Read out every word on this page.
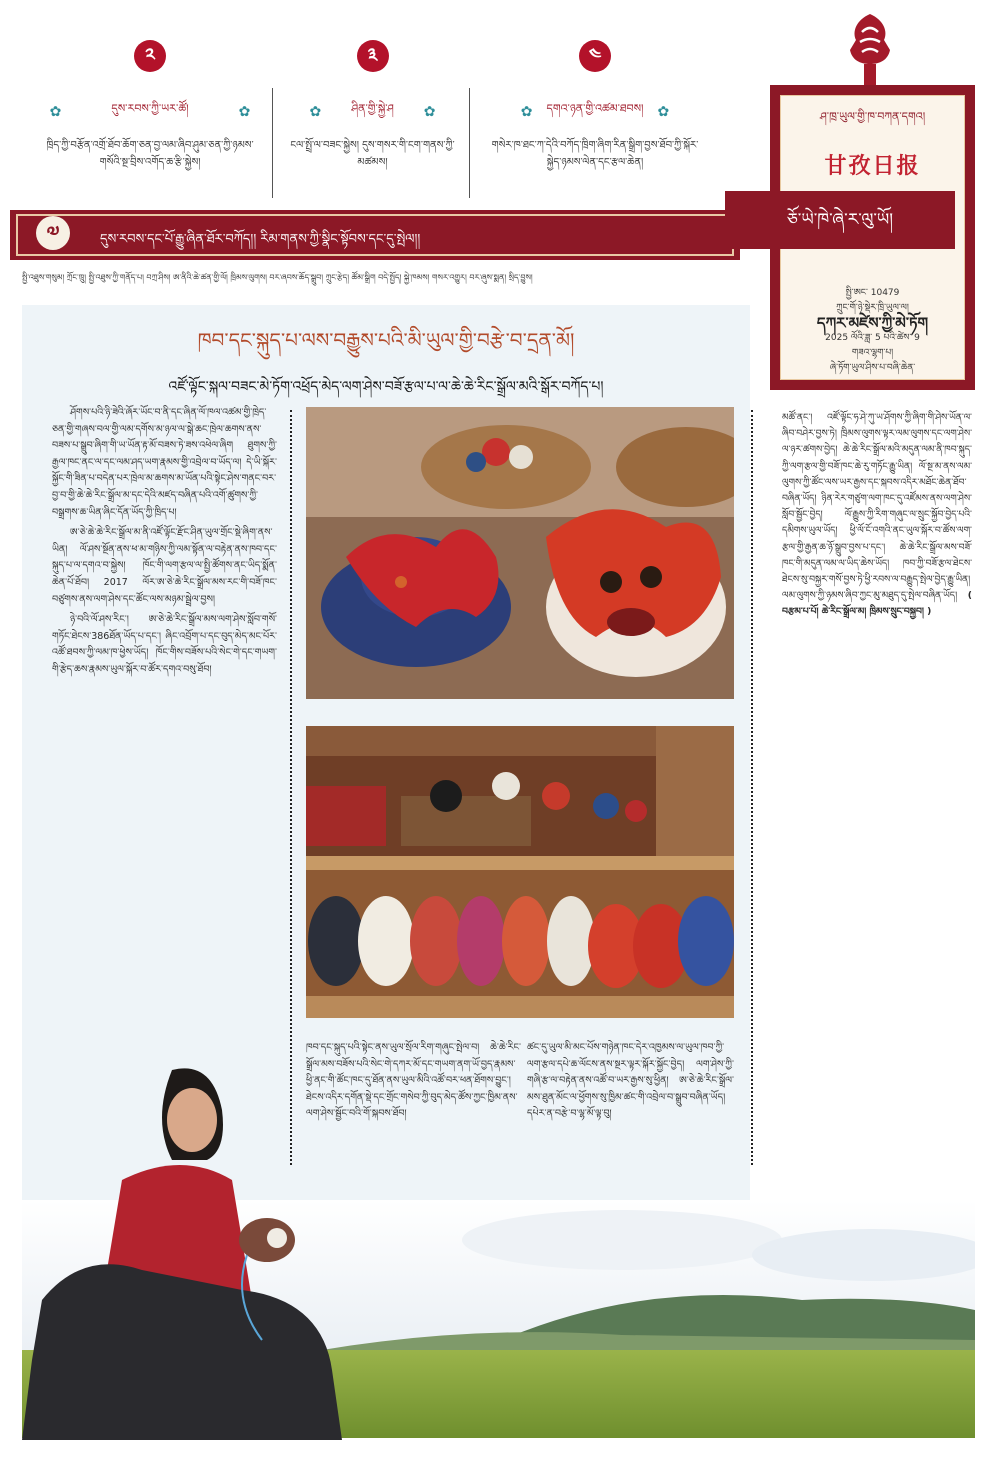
༢
✿	དུས་རབས་ཀྱི་ཡར་ཚོ།	✿
ཁྲིད་ཀྱི་བརྩོན་འགྲོ་ཐོབ་ཆོག་ཅན་བྱ་ལམ་ཞིབ་ཤུམ་ཅན་ཀྱི་ཉམས་གསོའི་སྔ་བྲིས་འགོད་ཆ་རྩི་སྐྱེས།
༣
✿	ཤིན་གྱི་སྐྱེ་ཤ ✿
ངལ་སྤྲོ་ལ་བཟང་སྐྱེས། དུས་གསར་གི་ངག་གནས་ཀྱི་མཚམས།
༤
✿ དགའ་ཉན་གྱི་འཚམ་ཐབས། ✿
གསེར་ཁ་ཐང་ཀ་དེའི་བཀོད་ཁྲིག་ཞིག་རིན་སྒྲིག་བྱས་ཐོབ་ཀྱི་སྐོར་སྐྱེད་ཉམས་ལེན་དང་རྩལ་ཆེན།
༧	དུས་རབས་དང་པོ་རྒྱུ་ཞིན་ཐོར་བཀོད།། རིམ་གནས་ཀྱི་སྣིང་སྟོབས་དང་དུ་སྤེལ།།
སྤྱི་འཐུས་གསུམ། ཀྲོང་ཁྲུ། སྤྱི་འཐུས་ཀྱི་གནོད་པ། བཀྲ་ཤིས། ཨ་ནིའི་ཆེ་ཚན་གྱི་ལོ། ཁྲིམས་ལུགས། བར་ཞབས་ཆོད་སྒྲུབ། ཀྲུང་རྩེད། ཚོམ་སྒྲིག བདེ་སྤྱོད། སྐྱེ་ཁམས། གསར་འགྱུར། བར་ཞུས་སྨན། སྲིད་བྱུས།
ཤ་ཁྲ་ཡུལ་གྱི་ཁ་བཀན་དགའ།
甘孜日报
སྤྱི་ཨང་ 10479
ཀྲུང་གོ་ཉེ་སྡེར་ཁྲི་ཡུལ་ལ།
དཀར་མཛེས་ཀྱི་མེ་ཏོག
2025 ལོའི་ཟླ་ 5 པའི་ཚེས་ 9
གཟའ་ལྷག་པ།
ཞེ་ཏོག་ཡུལ་ཤིས་པ་བཞི་ཆེན་
ཅོ་ཡེ་ཁེ་ཞེ་ར་ལུ་ཡོ།
ཁབ་དང་སྐུད་པ་ལས་བརྒྱུས་པའི་མི་ཡུལ་གྱི་བརྩེ་བ་དྲན་མོ།
འཛོ་ལྟོང་སྐལ་བཟང་མེ་ཏོག་འཕྲོད་མེད་ལག་ཤེས་བཟོ་རྩལ་པ་ལ་ཆེ་ཆེ་རིང་སྒྲོལ་མའི་སྒོར་བཀོད་པ།

ཤོགས་པའི་ཉི་ཟེའི་ཞོར་ཡོང་བ་ནི་དང་ཞིན་ལོ་ཁལ་འཚམ་གྱི་ཁྲེད་ཅན་གྱི་གཞས་བལ་གྱི་ལམ་དགོས་མ་ཉལ་ལ་སྒེ་ཆང་ཁྲེལ་ཆགས་ནས་བཟས་པ་སྒྲུབ་ཞིག་གི་ཡ་ཡོན་རྟ་མོ་བཟས་ཏེ་ཟས་འཕེལ་ཞིག ཐུགས་ཀྱི་རྒྱལ་ཁང་ནང་ལ་དང་ལམ་ཤད་ཡག་རྣམས་གྱི་འབྲེལ་བ་ཡོད་ལ། དེ་ཡི་སྐོར་སྐྱོང་གི་ཟིན་པ་བདེན་པར་ཁྲེལ་མ་ཆགས་མ་ཡོན་པའི་སྟེང་ཤེས་གནང་བར་བྱ་བ་གྱི་ཆེ་ཆེ་རིང་སྒྲོལ་མ་དང་དེའི་མཛད་བཞིན་པའི་འགོ་ཚུགས་ཀྱི་བསྒྲགས་ཆ་ཡིན་ཞིང་དོན་ཡོད་ཀྱི་ཁྲིད་པ།

ཨ་ཅེ་ཆེ་ཆེ་རིང་སྒྲོལ་མ་ནི་འཛོ་ལྟོང་རྫོང་ཤིན་ཡུལ་གྲོང་སྡེ་ཞིག་ནས་ཡིན། ལོ་ཤས་སྔོན་ནས་ཕ་མ་གཉིས་ཀྱི་ལམ་སྟོན་ལ་བརྟེན་ནས་ཁབ་དང་སྐུད་པ་ལ་དགའ་བ་སྐྱེས། ཁོང་གི་ལག་རྩལ་ལ་སྤྱི་ཚོགས་ནང་ཡིད་སྨོན་ཆེན་པོ་ཐོབ། 2017 ལོར་ཨ་ཅེ་ཆེ་རིང་སྒྲོལ་མས་རང་གི་བཟོ་ཁང་བཙུགས་ནས་ལག་ཤེས་དང་ཚོང་ལས་མཉམ་སྦྲེལ་བྱས།

ཉེ་བའི་ལོ་ཤས་རིང་། ཨ་ཅེ་ཆེ་རིང་སྒྲོལ་མས་ལག་ཤེས་སློབ་གསོ་གཏོང་ཐེངས་386ཐོན་ཡོད་པ་དང་། ཞིང་འབྲོག་པ་དང་བུད་མེད་མང་པོར་འཚོ་ཐབས་ཀྱི་ལམ་ཁ་ཕྱེས་ཡོད། ཁོང་གིས་བཟོས་པའི་སེང་གེ་དང་གཡག་གི་རྩེད་ཆས་རྣམས་ཡུལ་སྐོར་བ་ཚོར་དགའ་བསུ་ཐོབ།

ཁབ་དང་སྐུད་པའི་སྟེང་ནས་ཡུལ་སྲོལ་རིག་གཞུང་སྤེལ་བ། ཆེ་ཆེ་རིང་སྒྲོལ་མས་བཟོས་པའི་སེང་གེ་དཀར་མོ་དང་གཡག་ནག་ཡོ་བྱད་རྣམས་ཕྱི་ནང་གི་ཚོང་ཁང་དུ་ཐོན་ནས་ཡུལ་མིའི་འཚོ་བར་ཕན་ཐོགས་བྱུང་། ཐེངས་འདིར་དགོན་སྡེ་དང་གྲོང་གསེབ་ཀྱི་བུད་མེད་ཚོས་ཀྱང་ཁྱིམ་ནས་ལག་ཤེས་སྦྱོང་བའི་གོ་སྐབས་ཐོབ།
ཚང་དུ་ཡུལ་མི་མང་པོས་གཉེན་ཁང་དེར་འཁྱམས་ལ་ཡུལ་ཁབ་ཀྱི་ལག་རྩལ་དཔེ་ཆ་ལོངས་ནས་སྔར་ལྟར་སྐོར་སྐྱོང་བྱེད། ལག་ཤེས་ཀྱི་གཞི་རྩ་ལ་བརྟེན་ནས་འཚོ་བ་ཡར་རྒྱས་སུ་ཕྱིན། ཨ་ཅེ་ཆེ་རིང་སྒྲོལ་མས་ཐུན་མོང་ལ་ཕྱོགས་སུ་ཁྱིམ་ཚང་གི་འབྲེལ་བ་སྒྲུབ་བཞིན་ཡོད། དཔེར་ན་བརྩེ་བ་ལྷ་མོ་ལྟ་བུ།
མཚོ་ནང་། འཛོ་ལྟོང་ཧ་ཤེ་ཀུ་ཡ་ཤོགས་ཀྱི་ཞིག་གི་ཤེས་ཡོན་ལ་ཞིབ་བཤེར་བྱས་ཏེ། ཁྲིམས་ལུགས་ལྟར་ལམ་ལུགས་དང་ལག་ཤེས་ལ་ཉར་ཚགས་བྱེད། ཆེ་ཆེ་རིང་སྒྲོལ་མའི་མདུན་ལམ་ནི་ཁབ་སྐུད་ཀྱི་ལག་རྩལ་གྱི་བཟོ་ཁང་ཆེ་རུ་གཏོང་རྒྱུ་ཡིན། ལོ་སྔ་མ་ནས་ལམ་ལུགས་ཀྱི་ཚོང་ལས་ཡར་རྒྱས་དང་སྐབས་འདིར་མཐོང་ཆེན་ཐོབ་བཞིན་ཡོད། ཉིན་རེར་གཙུག་ལག་ཁང་དུ་འཛོམས་ནས་ལག་ཤེས་སློབ་སྦྱོང་བྱེད། ལོ་རྒྱུས་ཀྱི་རིག་གཞུང་ལ་སྲུང་སྐྱོབ་བྱེད་པའི་དམིགས་ཡུལ་ཡོད། ཕྱི་ལོ་ངོ་འགའི་ནང་ཡུལ་སྐོར་བ་ཚོས་ལག་རྩལ་གྱི་རྒྱན་ཆ་ཉོ་སྒྲུབ་བྱས་པ་དང་། ཆེ་ཆེ་རིང་སྒྲོལ་མས་བཟོ་ཁང་གི་མདུན་ལམ་ལ་ཡིད་ཆེས་ཡོད། ཁབ་ཀྱི་བཟོ་རྩལ་ཐེངས་ཐེངས་སུ་བསྐྱར་གསོ་བྱས་ཏེ་ཕྱི་རབས་ལ་བརྒྱུད་སྤེལ་བྱེད་རྒྱུ་ཡིན། ལམ་ལུགས་ཀྱི་ཉམས་ཞིབ་ཀྱང་མུ་མཐུད་དུ་སྤེལ་བཞིན་ཡོད། ( བརྩམ་པ་པོ། ཆེ་རིང་སྒྲོལ་མ། ཁྲིམས་སྲུང་བསྐྱབ། )
